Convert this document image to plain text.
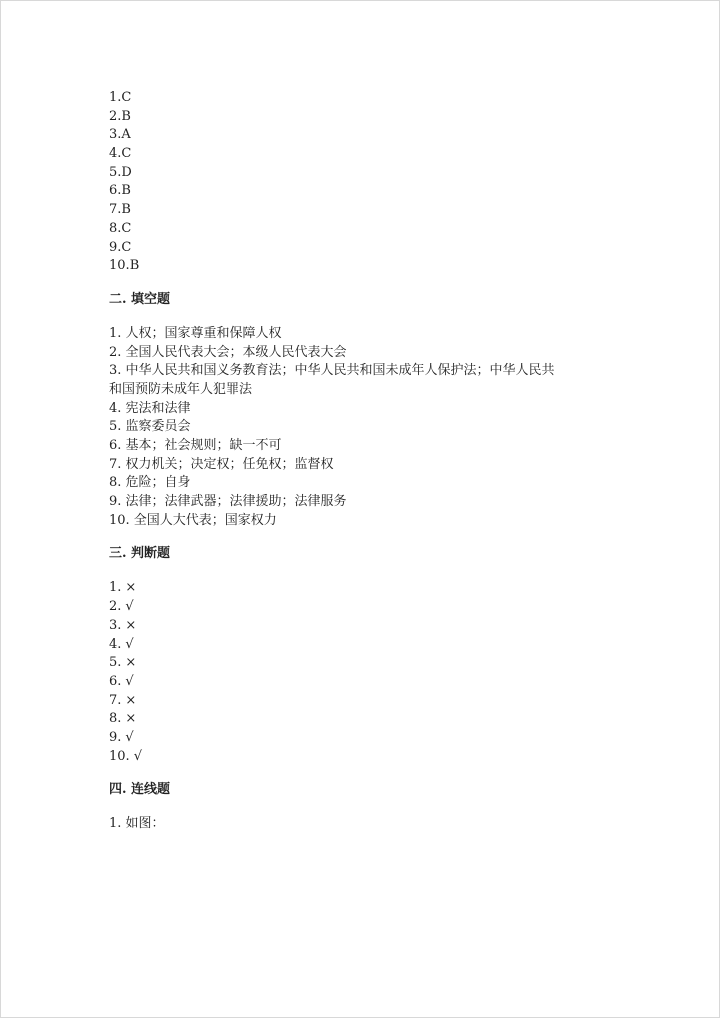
1.C
2.B
3.A
4.C
5.D
6.B
7.B
8.C
9.C
10.B
二. 填空题
1. 人权；国家尊重和保障人权
2. 全国人民代表大会；本级人民代表大会
3. 中华人民共和国义务教育法；中华人民共和国未成年人保护法；中华人民共
和国预防未成年人犯罪法
4. 宪法和法律
5. 监察委员会
6. 基本；社会规则；缺一不可
7. 权力机关；决定权；任免权；监督权
8. 危险；自身
9. 法律；法律武器；法律援助；法律服务
10. 全国人大代表；国家权力
三. 判断题
1. ×
2. √
3. ×
4. √
5. ×
6. √
7. ×
8. ×
9. √
10. √
四. 连线题
1. 如图：
